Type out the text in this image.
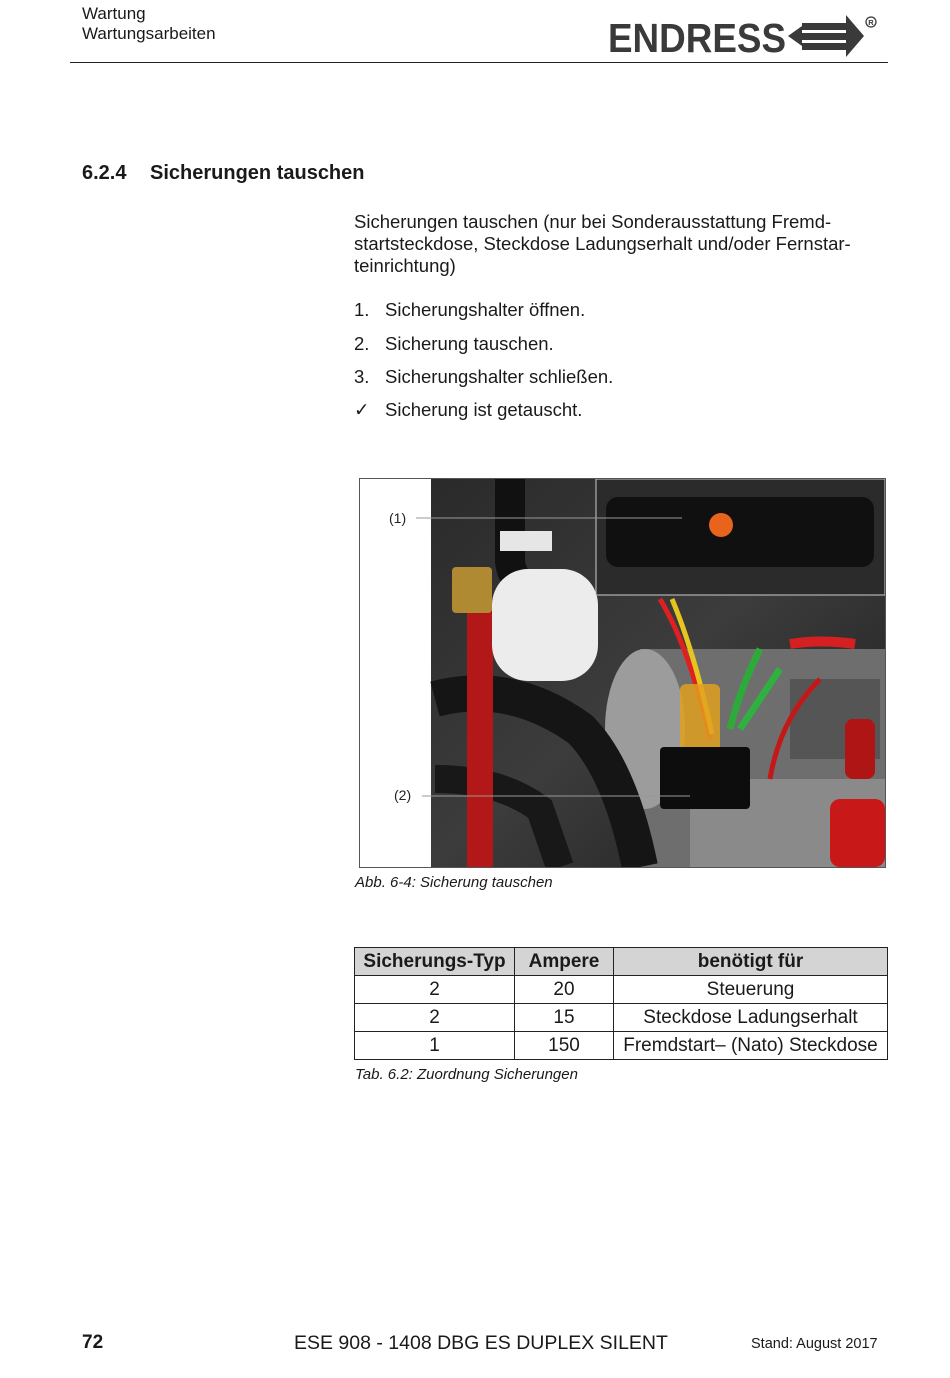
Wartung
Wartungsarbeiten	ENDRESS	R
6.2.4 Sicherungen tauschen
Sicherungen tauschen (nur bei Sonderausstattung Fremd-
startsteckdose, Steckdose Ladungserhalt und/oder Fernstar-
teinrichtung)
1. Sicherungshalter öffnen.
2. Sicherung tauschen.
3. Sicherungshalter schließen.
✓ Sicherung ist getauscht.
(1)
(2)
Abb. 6-4: Sicherung tauschen
Sicherungs-Typ	Ampere	benötigt für
2	20	Steuerung
2	15	Steckdose Ladungserhalt
1	150	Fremdstart– (Nato) Steckdose
Tab. 6.2: Zuordnung Sicherungen
72	ESE 908 - 1408 DBG ES DUPLEX SILENT	Stand: August 2017
